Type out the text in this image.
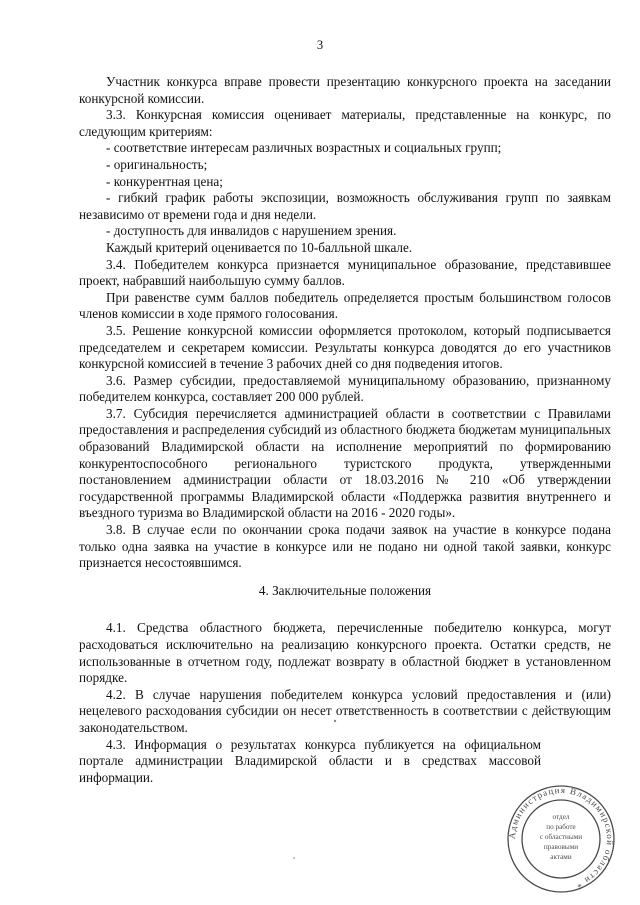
3

Участник конкурса вправе провести презентацию конкурсного проекта на заседании конкурсной комиссии.

3.3. Конкурсная комиссия оценивает материалы, представленные на конкурс, по следующим критериям:

- соответствие интересам различных возрастных и социальных групп;

- оригинальность;

- конкурентная цена;

- гибкий график работы экспозиции, возможность обслуживания групп по заявкам независимо от времени года и дня недели.

- доступность для инвалидов с нарушением зрения.

Каждый критерий оценивается по 10-балльной шкале.

3.4. Победителем конкурса признается муниципальное образование, представившее проект, набравший наибольшую сумму баллов.

При равенстве сумм баллов победитель определяется простым большинством голосов членов комиссии в ходе прямого голосования.

3.5. Решение конкурсной комиссии оформляется протоколом, который подписывается председателем и секретарем комиссии. Результаты конкурса доводятся до его участников конкурсной комиссией в течение 3 рабочих дней со дня подведения итогов.

3.6. Размер субсидии, предоставляемой муниципальному образованию, признанному победителем конкурса, составляет 200 000 рублей.

3.7. Субсидия перечисляется администрацией области в соответствии с Правилами предоставления и распределения субсидий из областного бюджета бюджетам муниципальных образований Владимирской области на исполнение мероприятий по формированию конкурентоспособного регионального туристского продукта, утвержденными постановлением администрации области от 18.03.2016 № 210 «Об утверждении государственной программы Владимирской области «Поддержка развития внутреннего и въездного туризма во Владимирской области на 2016 - 2020 годы».

3.8. В случае если по окончании срока подачи заявок на участие в конкурсе подана только одна заявка на участие в конкурсе или не подано ни одной такой заявки, конкурс признается несостоявшимся.

4. Заключительные положения

4.1. Средства областного бюджета, перечисленные победителю конкурса, могут расходоваться исключительно на реализацию конкурсного проекта. Остатки средств, не использованные в отчетном году, подлежат возврату в областной бюджет в установленном порядке.

4.2. В случае нарушения победителем конкурса условий предоставления и (или) нецелевого расходования субсидии он несет ответственность в соответствии с действующим законодательством.

4.3. Информация о результатах конкурса публикуется на официальном портале администрации Владимирской области и в средствах массовой информации.

Администрация Владимирской области *
отдел
по работе
с областными
правовыми
актами
